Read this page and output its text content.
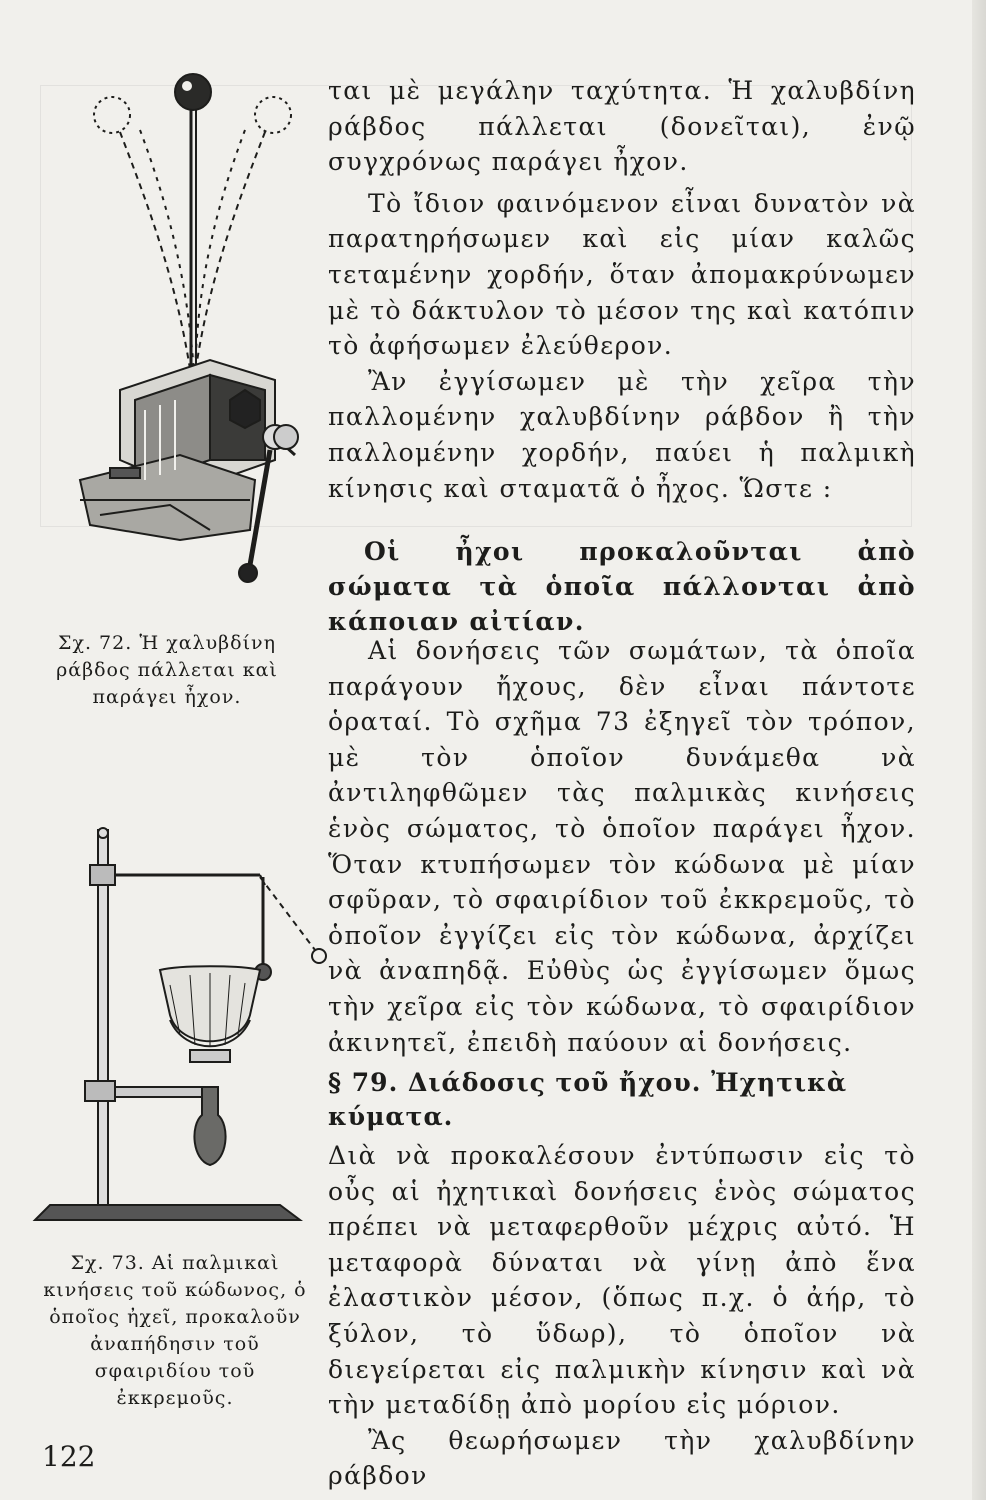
ται μὲ μεγάλην ταχύτητα. Ἡ χαλυβδίνη ράβδος πάλλεται (δονεῖται), ἐνῷ συγχρόνως παράγει ἦχον.

Τὸ ἴδιον φαινόμενον εἶναι δυνατὸν νὰ παρατηρήσωμεν καὶ εἰς μίαν καλῶς τεταμένην χορδήν, ὅταν ἀπομακρύνωμεν μὲ τὸ δάκτυλον τὸ μέσον της καὶ κατόπιν τὸ ἀφήσωμεν ἐλεύθερον.

Ἂν ἐγγίσωμεν μὲ τὴν χεῖρα τὴν παλλομένην χαλυβδίνην ράβδον ἢ τὴν παλλομένην χορδήν, παύει ἡ παλμικὴ κίνησις καὶ σταματᾶ ὁ ἦχος. Ὥστε :

Οἱ ἦχοι προκαλοῦνται ἀπὸ σώματα τὰ ὁποῖα πάλλονται ἀπὸ κάποιαν αἰτίαν.

Αἱ δονήσεις τῶν σωμάτων, τὰ ὁποῖα παράγουν ἤχους, δὲν εἶναι πάντοτε ὁραταί. Τὸ σχῆμα 73 ἐξηγεῖ τὸν τρόπον, μὲ τὸν ὁποῖον δυνάμεθα νὰ ἀντιληφθῶμεν τὰς παλμικὰς κινήσεις ἑνὸς σώματος, τὸ ὁποῖον παράγει ἦχον. Ὅταν κτυπήσωμεν τὸν κώδωνα μὲ μίαν σφῦραν, τὸ σφαιρίδιον τοῦ ἐκκρεμοῦς, τὸ ὁποῖον ἐγγίζει εἰς τὸν κώδωνα, ἀρχίζει νὰ ἀναπηδᾷ. Εὐθὺς ὡς ἐγγίσωμεν ὅμως τὴν χεῖρα εἰς τὸν κώδωνα, τὸ σφαιρίδιον ἀκινητεῖ, ἐπειδὴ παύουν αἱ δονήσεις.

§ 79. Διάδοσις τοῦ ἤχου. Ἠχητικὰ κύματα.

Διὰ νὰ προκαλέσουν ἐντύπωσιν εἰς τὸ οὖς αἱ ἠχητικαὶ δονήσεις ἑνὸς σώματος πρέπει νὰ μεταφερθοῦν μέχρις αὐτό. Ἡ μεταφορὰ δύναται νὰ γίνῃ ἀπὸ ἕνα ἐλαστικὸν μέσον, (ὅπως π.χ. ὁ ἀήρ, τὸ ξύλον, τὸ ὕδωρ), τὸ ὁποῖον νὰ διεγείρεται εἰς παλμικὴν κίνησιν καὶ νὰ τὴν μεταδίδῃ ἀπὸ μορίου εἰς μόριον.

Ἂς θεωρήσωμεν τὴν χαλυβδίνην ράβδον

Σχ. 72. Ἡ χαλυβδίνη ράβδος πάλλεται καὶ παράγει ἦχον.
Σχ. 73. Αἱ παλμικαὶ κινήσεις τοῦ κώδωνος, ὁ ὁποῖος ἠχεῖ, προκαλοῦν ἀναπήδησιν τοῦ σφαιριδίου τοῦ ἐκκρεμοῦς.
122
